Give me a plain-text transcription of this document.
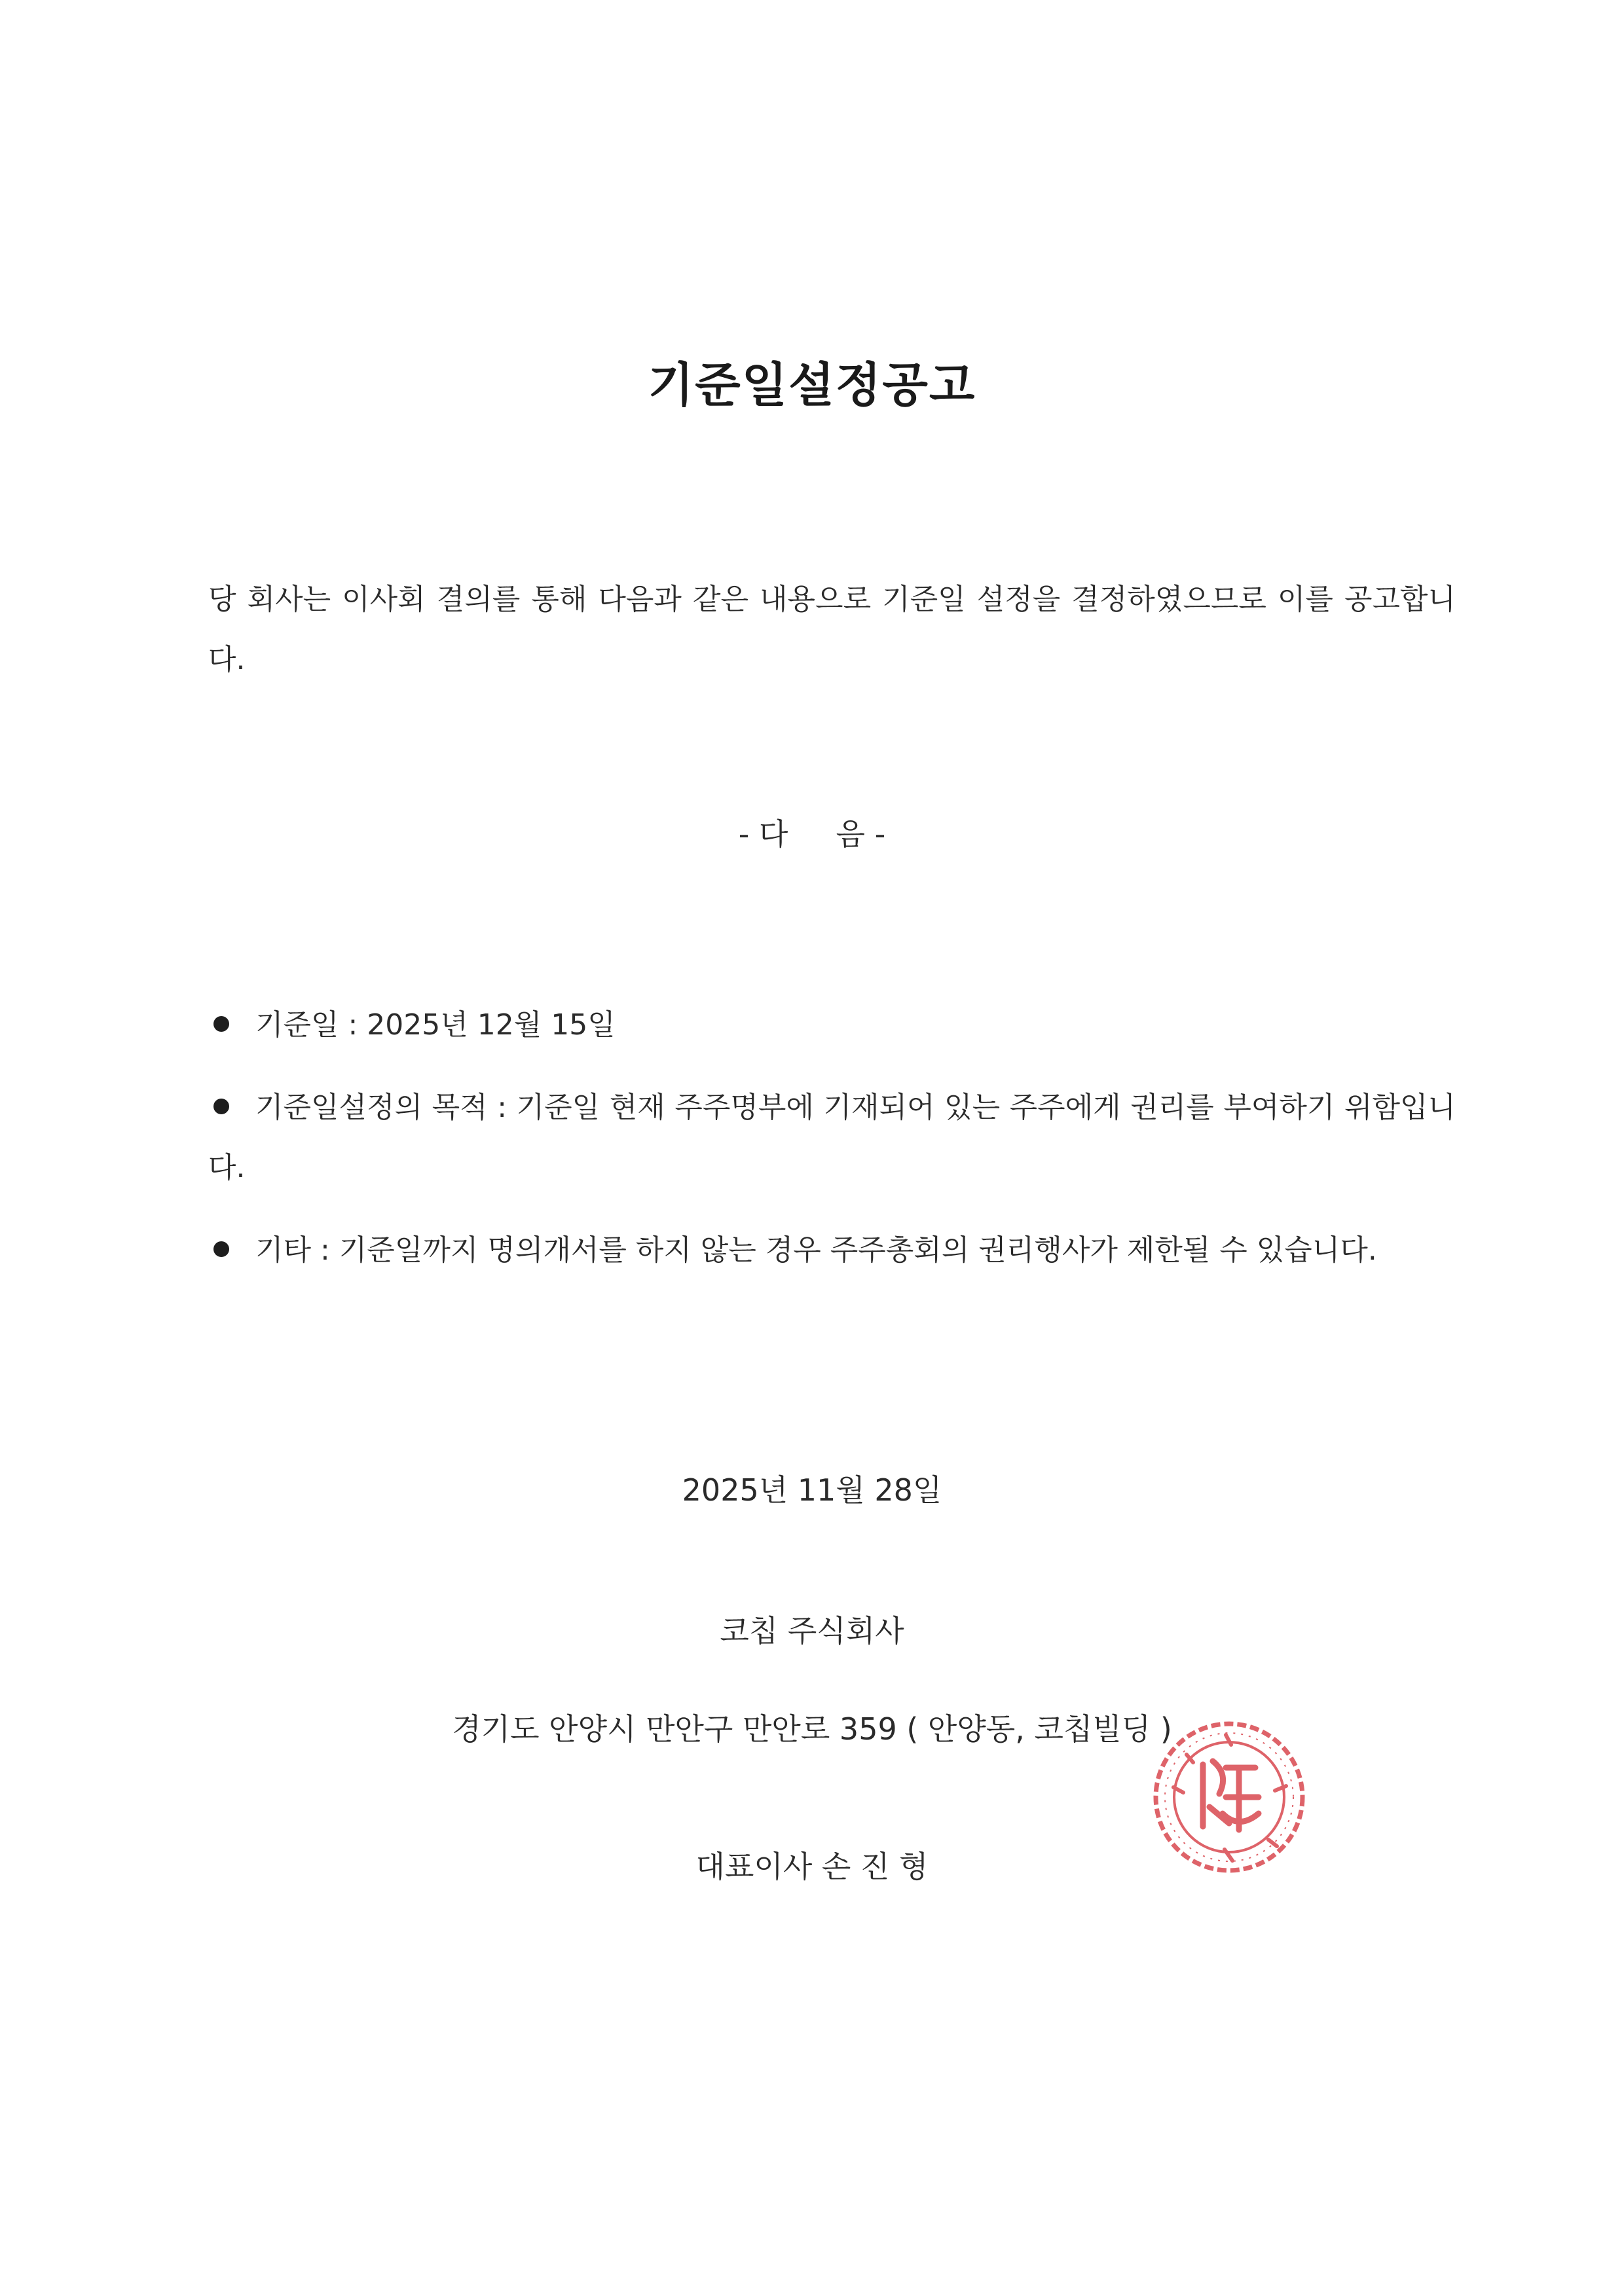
기준일설정공고
당 회사는 이사회 결의를 통해 다음과 같은 내용으로 기준일 설정을 결정하였으므로 이를 공고합니다.
- 다     음 -
기준일 : 2025년 12월 15일
기준일설정의 목적 : 기준일 현재 주주명부에 기재되어 있는 주주에게 권리를 부여하기 위함입니다.
기타 : 기준일까지 명의개서를 하지 않는 경우 주주총회의 권리행사가 제한될 수 있습니다.
2025년 11월 28일
코칩 주식회사
경기도 안양시 만안구 만안로 359 ( 안양동, 코칩빌딩 )
대표이사 손 진 형
